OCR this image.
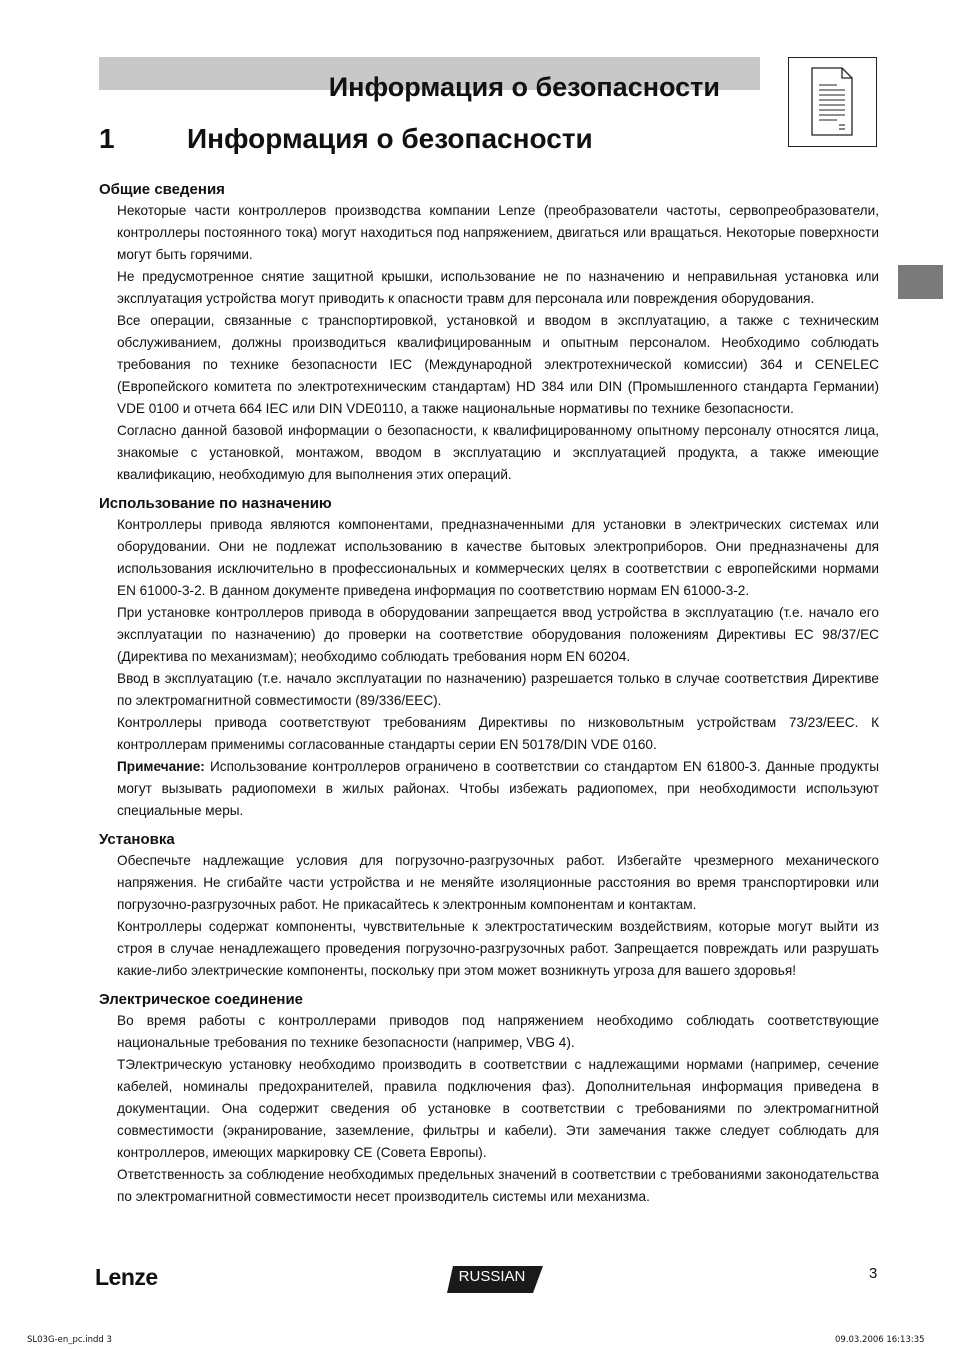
Информация о безопасности
1	Информация о безопасности
Общие сведения

Некоторые части контроллеров производства компании Lenze (преобразователи частоты, сервопреобразователи, контроллеры постоянного тока) могут находиться под напряжением, двигаться или вращаться. Некоторые поверхности могут быть горячими.

Не предусмотренное снятие защитной крышки, использование не по назначению и неправильная установка или эксплуатация устройства могут приводить к опасности травм для персонала или повреждения оборудования.

Все операции, связанные с транспортировкой, установкой и вводом в эксплуатацию, а также с техническим обслуживанием, должны производиться квалифицированным и опытным персоналом. Необходимо соблюдать требования по технике безопасности IEC (Международной электротехнической комиссии) 364 и CENELEC (Европейского комитета по электротехническим стандартам) HD 384 или DIN (Промышленного стандарта Германии) VDE 0100 и отчета 664 IEC или DIN VDE0110, а также национальные нормативы по технике безопасности.

Согласно данной базовой информации о безопасности, к квалифицированному опытному персоналу относятся лица, знакомые с установкой, монтажом, вводом в эксплуатацию и эксплуатацией продукта, а также имеющие квалификацию, необходимую для выполнения этих операций.

Использование по назначению

Контроллеры привода являются компонентами, предназначенными для установки в электрических системах или оборудовании. Они не подлежат использованию в качестве бытовых электроприборов. Они предназначены для использования исключительно в профессиональных и коммерческих целях в соответствии с европейскими нормами EN 61000-3-2. В данном документе приведена информация по соответствию нормам EN 61000-3-2.

При установке контроллеров привода в оборудовании запрещается ввод устройства в эксплуатацию (т.е. начало его эксплуатации по назначению) до проверки на соответствие оборудования положениям Директивы EC 98/37/EC (Директива по механизмам); необходимо соблюдать требования норм EN 60204.

Ввод в эксплуатацию (т.е. начало эксплуатации по назначению) разрешается только в случае соответствия Директиве по электромагнитной совместимости (89/336/EEC).

Контроллеры привода соответствуют требованиям Директивы по низковольтным устройствам 73/23/EEC. К контроллерам применимы согласованные стандарты серии EN 50178/DIN VDE 0160.

Примечание: Использование контроллеров ограничено в соответствии со стандартом EN 61800-3. Данные продукты могут вызывать радиопомехи в жилых районах. Чтобы избежать радиопомех, при необходимости используют специальные меры.

Установка

Обеспечьте надлежащие условия для погрузочно-разгрузочных работ. Избегайте чрезмерного механического напряжения. Не сгибайте части устройства и не меняйте изоляционные расстояния во время транспортировки или погрузочно-разгрузочных работ. Не прикасайтесь к электронным компонентам и контактам.

Контроллеры содержат компоненты, чувствительные к электростатическим воздействиям, которые могут выйти из строя в случае ненадлежащего проведения погрузочно-разгрузочных работ. Запрещается повреждать или разрушать какие-либо электрические компоненты, поскольку при этом может возникнуть угроза для вашего здоровья!

Электрическое соединение

Во время работы с контроллерами приводов под напряжением необходимо соблюдать соответствующие национальные требования по технике безопасности (например, VBG 4).

TЭлектрическую установку необходимо производить в соответствии с надлежащими нормами (например, сечение кабелей, номиналы предохранителей, правила подключения фаз). Дополнительная информация приведена в документации. Она содержит сведения об установке в соответствии с требованиями по электромагнитной совместимости (экранирование, заземление, фильтры и кабели). Эти замечания также следует соблюдать для контроллеров, имеющих маркировку CE (Совета Европы).

Ответственность за соблюдение необходимых предельных значений в соответствии с требованиями законодательства по электромагнитной совместимости несет производитель системы или механизма.

Lenze	RUSSIAN	3
SL03G-en_pc.indd 3	09.03.2006 16:13:35
